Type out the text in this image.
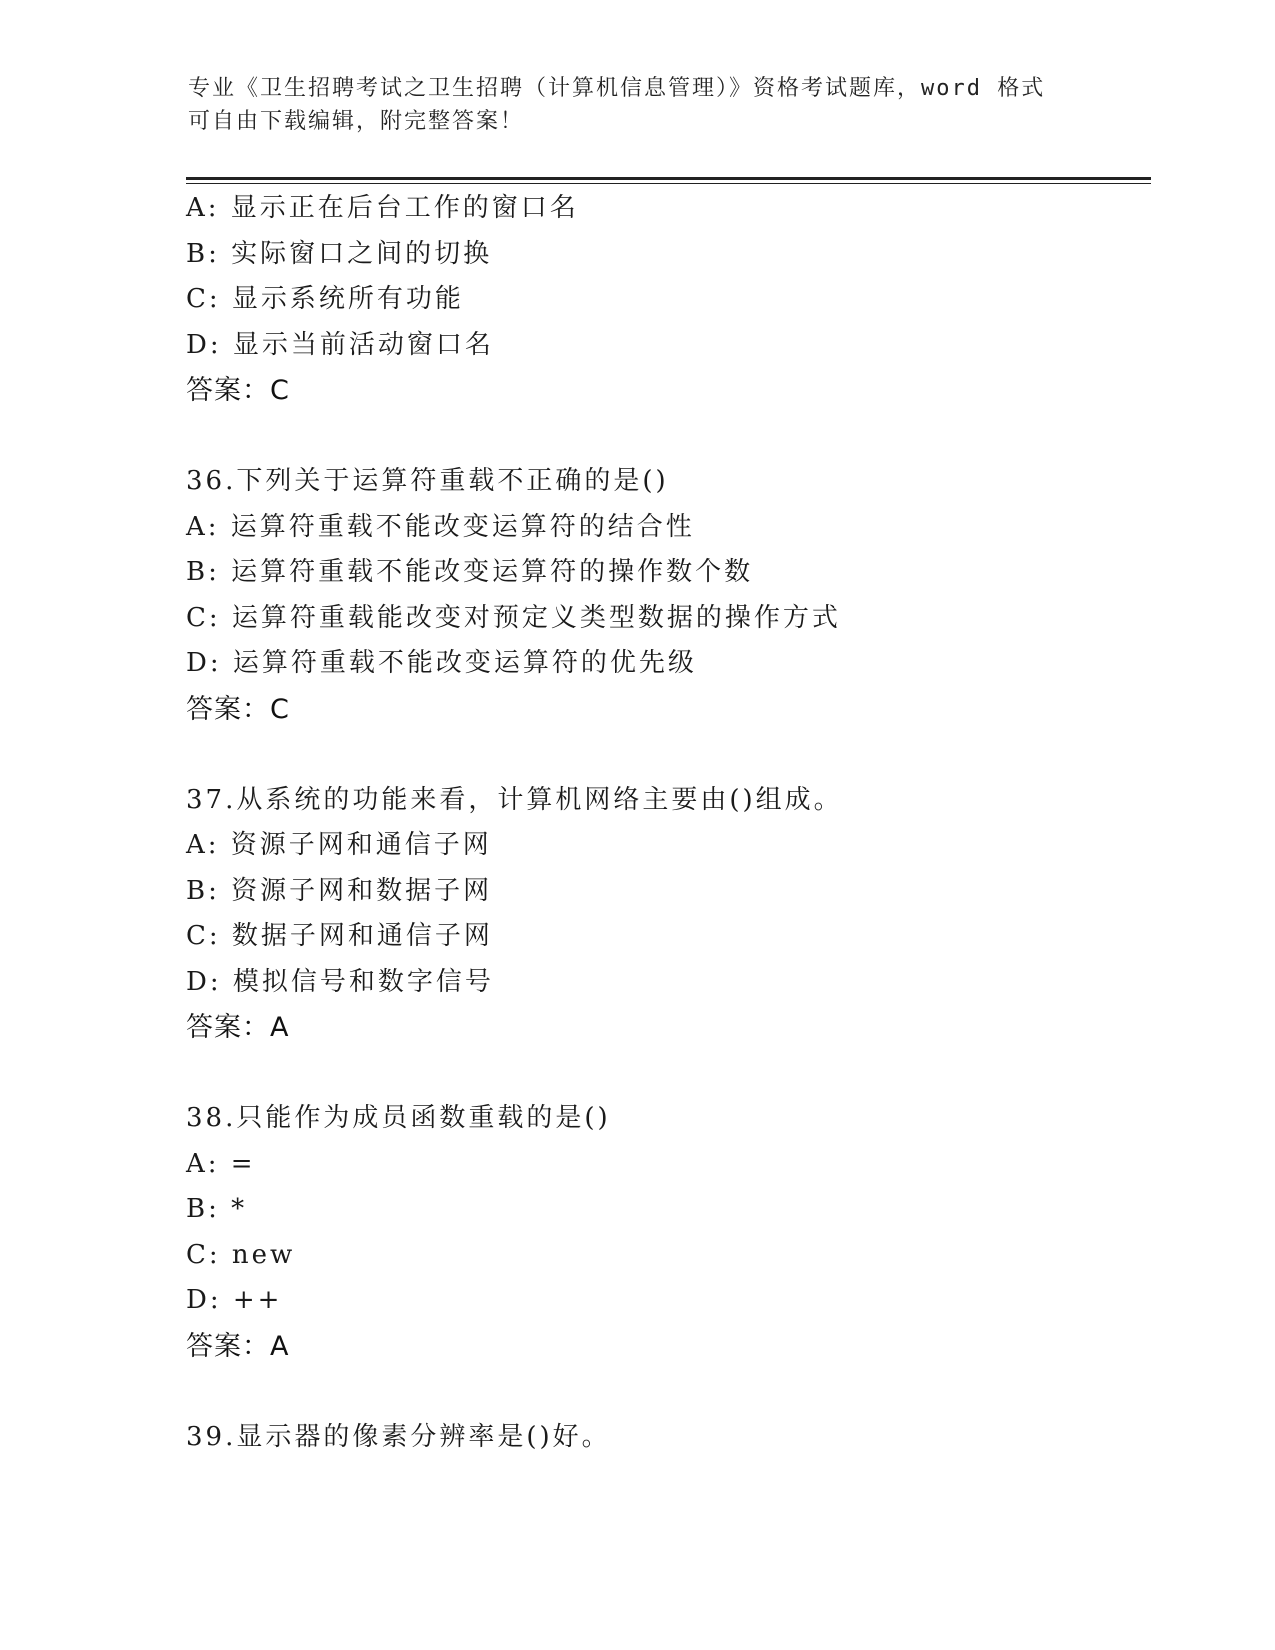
专业《卫生招聘考试之卫生招聘（计算机信息管理）》资格考试题库，word 格式
可自由下载编辑，附完整答案！
A: 显示正在后台工作的窗口名
B: 实际窗口之间的切换
C: 显示系统所有功能
D: 显示当前活动窗口名
答案：C
36.下列关于运算符重载不正确的是()
A: 运算符重载不能改变运算符的结合性
B: 运算符重载不能改变运算符的操作数个数
C: 运算符重载能改变对预定义类型数据的操作方式
D: 运算符重载不能改变运算符的优先级
答案：C
37.从系统的功能来看，计算机网络主要由()组成。
A: 资源子网和通信子网
B: 资源子网和数据子网
C: 数据子网和通信子网
D: 模拟信号和数字信号
答案：A
38.只能作为成员函数重载的是()
A: =
B: *
C: new
D: ++
答案：A
39.显示器的像素分辨率是()好。
